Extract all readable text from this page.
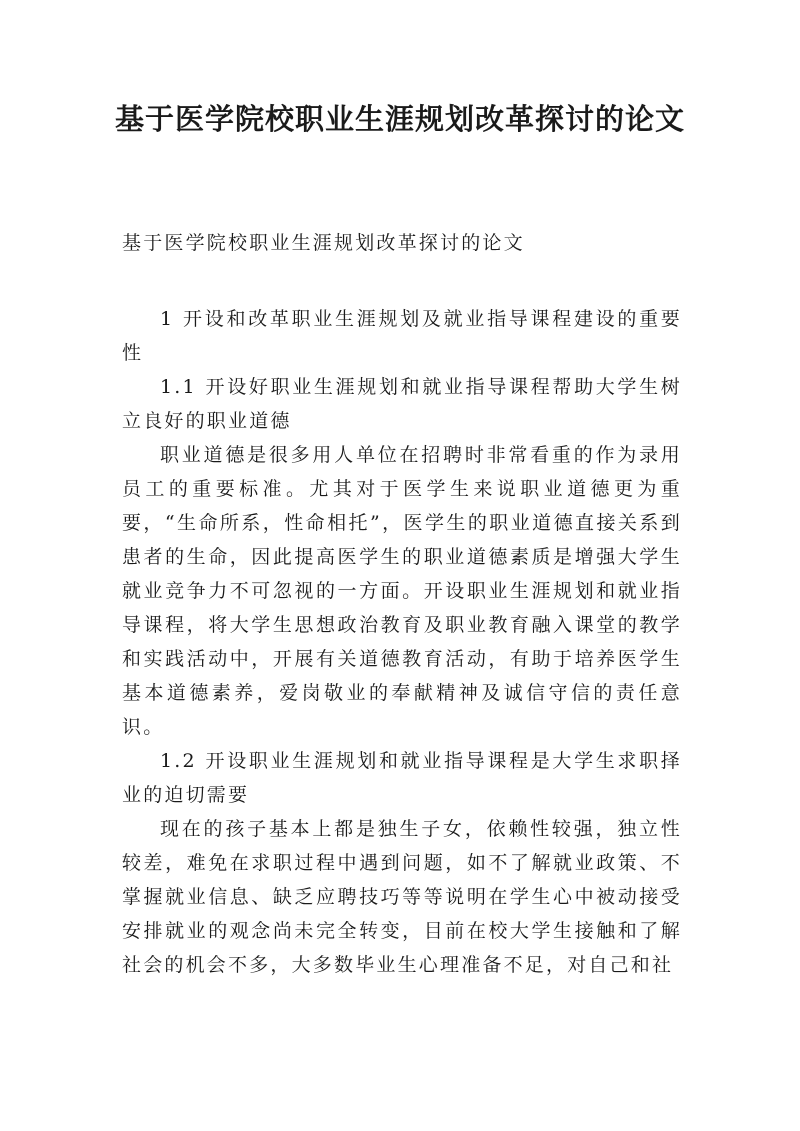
基于医学院校职业生涯规划改革探讨的论文
基于医学院校职业生涯规划改革探讨的论文

1 开设和改革职业生涯规划及就业指导课程建设的重要性

1.1 开设好职业生涯规划和就业指导课程帮助大学生树立良好的职业道德

职业道德是很多用人单位在招聘时非常看重的作为录用员工的重要标准。尤其对于医学生来说职业道德更为重要，“生命所系，性命相托”，医学生的职业道德直接关系到患者的生命，因此提高医学生的职业道德素质是增强大学生就业竞争力不可忽视的一方面。开设职业生涯规划和就业指导课程，将大学生思想政治教育及职业教育融入课堂的教学和实践活动中，开展有关道德教育活动，有助于培养医学生基本道德素养，爱岗敬业的奉献精神及诚信守信的责任意识。

1.2 开设职业生涯规划和就业指导课程是大学生求职择业的迫切需要

现在的孩子基本上都是独生子女，依赖性较强，独立性较差，难免在求职过程中遇到问题，如不了解就业政策、不掌握就业信息、缺乏应聘技巧等等说明在学生心中被动接受安排就业的观念尚未完全转变，目前在校大学生接触和了解社会的机会不多，大多数毕业生心理准备不足，对自己和社
